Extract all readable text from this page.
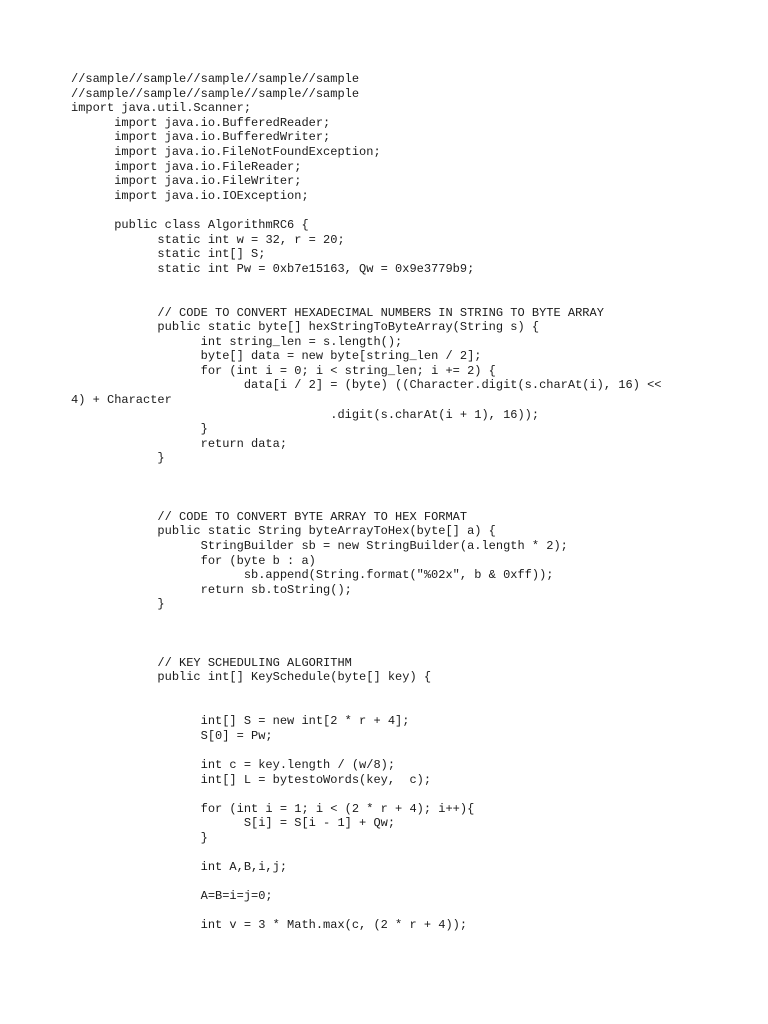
//sample//sample//sample//sample//sample
//sample//sample//sample//sample//sample
import java.util.Scanner;
	import java.io.BufferedReader;
	import java.io.BufferedWriter;
	import java.io.FileNotFoundException;
	import java.io.FileReader;
	import java.io.FileWriter;
	import java.io.IOException;
	public class AlgorithmRC6 {
		static int w = 32, r = 20;
		static int[] S;
		static int Pw = 0xb7e15163, Qw = 0x9e3779b9;
		// CODE TO CONVERT HEXADECIMAL NUMBERS IN STRING TO BYTE ARRAY
		public static byte[] hexStringToByteArray(String s) {
			int string_len = s.length();
			byte[] data = new byte[string_len / 2];
			for (int i = 0; i < string_len; i += 2) {
				data[i / 2] = (byte) ((Character.digit(s.charAt(i), 16) <<
4) + Character
						.digit(s.charAt(i + 1), 16));
			}
			return data;
		}
		// CODE TO CONVERT BYTE ARRAY TO HEX FORMAT
		public static String byteArrayToHex(byte[] a) {
			StringBuilder sb = new StringBuilder(a.length * 2);
			for (byte b : a)
				sb.append(String.format("%02x", b & 0xff));
			return sb.toString();
		}
		// KEY SCHEDULING ALGORITHM
		public int[] KeySchedule(byte[] key) {
			int[] S = new int[2 * r + 4];
			S[0] = Pw;
			int c = key.length / (w/8);
			int[] L = bytestoWords(key,  c);
			for (int i = 1; i < (2 * r + 4); i++){
				S[i] = S[i - 1] + Qw;
			}
			int A,B,i,j;
			A=B=i=j=0;
			int v = 3 * Math.max(c, (2 * r + 4));
